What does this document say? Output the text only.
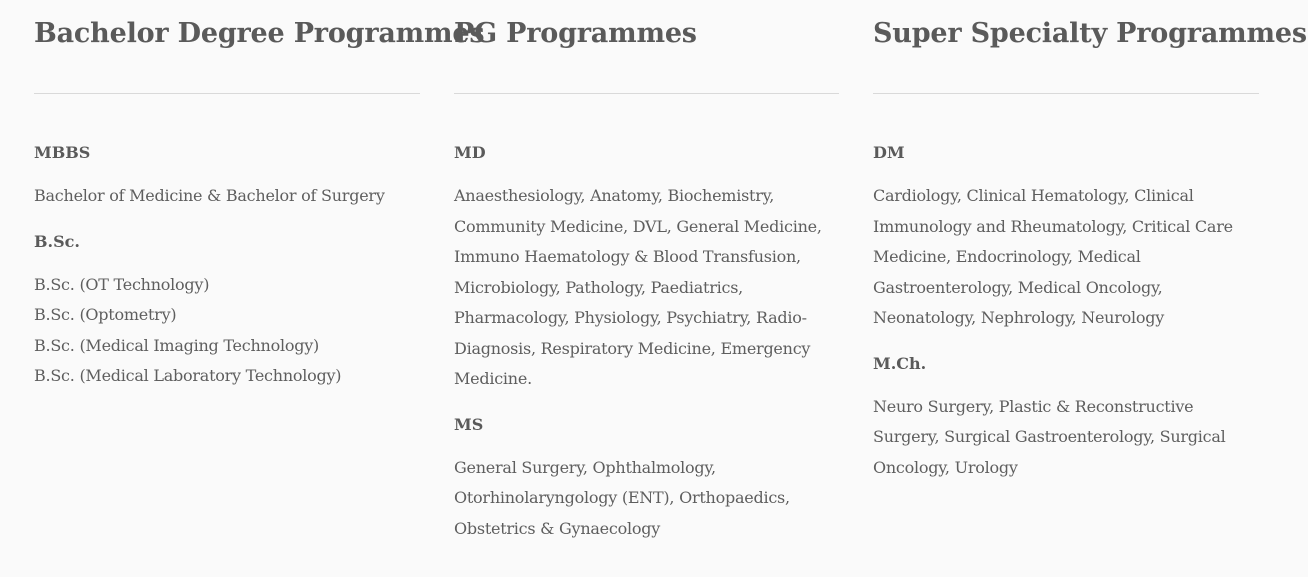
Bachelor Degree Programmes
MBBS

Bachelor of Medicine & Bachelor of Surgery

B.Sc.
B.Sc. (OT Technology)
B.Sc. (Optometry)
B.Sc. (Medical Imaging Technology)
B.Sc. (Medical Laboratory Technology)
PG Programmes
MD

Anaesthesiology, Anatomy, Biochemistry, Community Medicine, DVL, General Medicine, Immuno Haematology & Blood Transfusion, Microbiology, Pathology, Paediatrics, Pharmacology, Physiology, Psychiatry, Radio-Diagnosis, Respiratory Medicine, Emergency Medicine.

MS

General Surgery, Ophthalmology, Otorhinolaryngology (ENT), Orthopaedics, Obstetrics & Gynaecology

Super Specialty Programmes
DM

Cardiology, Clinical Hematology, Clinical Immunology and Rheumatology, Critical Care Medicine, Endocrinology, Medical Gastroenterology, Medical Oncology, Neonatology, Nephrology, Neurology

M.Ch.

Neuro Surgery, Plastic & Reconstructive Surgery, Surgical Gastroenterology, Surgical Oncology, Urology
